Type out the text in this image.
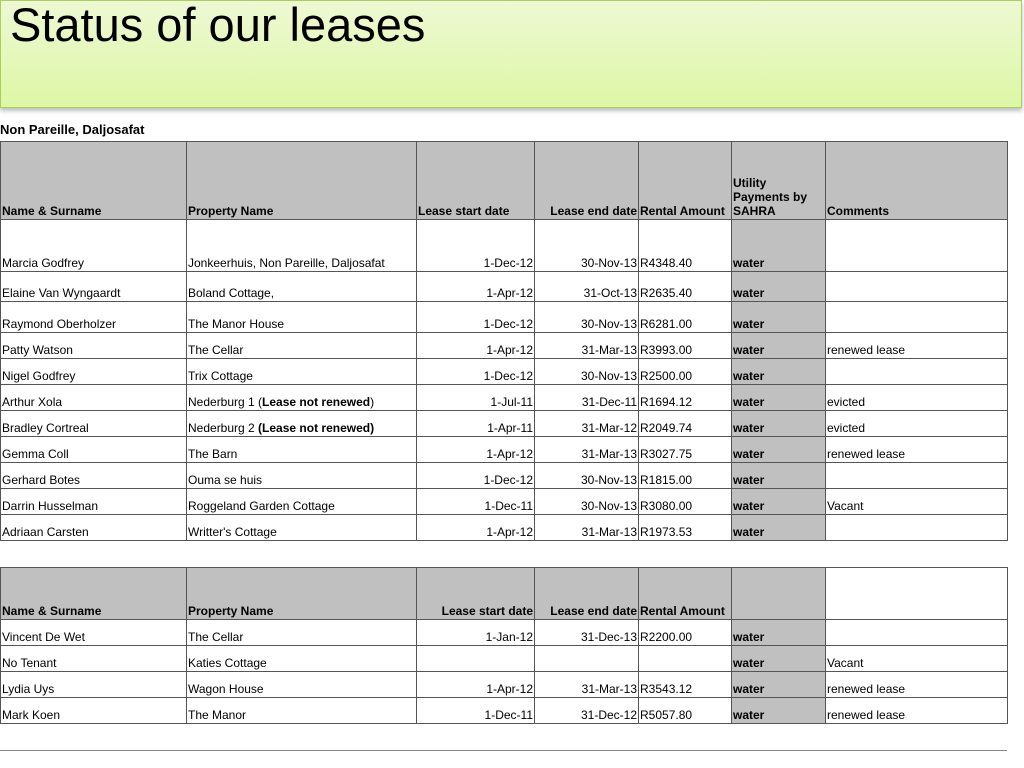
Status of our leases
Non Pareille, Daljosafat
Name & Surname	Property Name	Lease start date	Lease end date	Rental Amount	Utility Payments by SAHRA	Comments
Marcia Godfrey	Jonkeerhuis, Non Pareille, Daljosafat	1-Dec-12	30-Nov-13	R4348.40	water	
Elaine Van Wyngaardt	Boland Cottage,	1-Apr-12	31-Oct-13	R2635.40	water	
Raymond Oberholzer	The Manor House	1-Dec-12	30-Nov-13	R6281.00	water	
Patty Watson	The Cellar	1-Apr-12	31-Mar-13	R3993.00	water	renewed lease
Nigel Godfrey	Trix Cottage	1-Dec-12	30-Nov-13	R2500.00	water	
Arthur Xola	Nederburg 1 (Lease not renewed)	1-Jul-11	31-Dec-11	R1694.12	water	evicted
Bradley Cortreal	Nederburg 2 (Lease not renewed)	1-Apr-11	31-Mar-12	R2049.74	water	evicted
Gemma Coll	The Barn	1-Apr-12	31-Mar-13	R3027.75	water	renewed lease
Gerhard Botes	Ouma se huis	1-Dec-12	30-Nov-13	R1815.00	water	
Darrin Husselman	Roggeland Garden Cottage	1-Dec-11	30-Nov-13	R3080.00	water	Vacant
Adriaan Carsten	Writter's Cottage	1-Apr-12	31-Mar-13	R1973.53	water	
Name & Surname	Property Name	Lease start date	Lease end date	Rental Amount		
Vincent De Wet	The Cellar	1-Jan-12	31-Dec-13	R2200.00	water	
No Tenant	Katies Cottage				water	Vacant
Lydia Uys	Wagon House	1-Apr-12	31-Mar-13	R3543.12	water	renewed lease
Mark Koen	The Manor	1-Dec-11	31-Dec-12	R5057.80	water	renewed lease
